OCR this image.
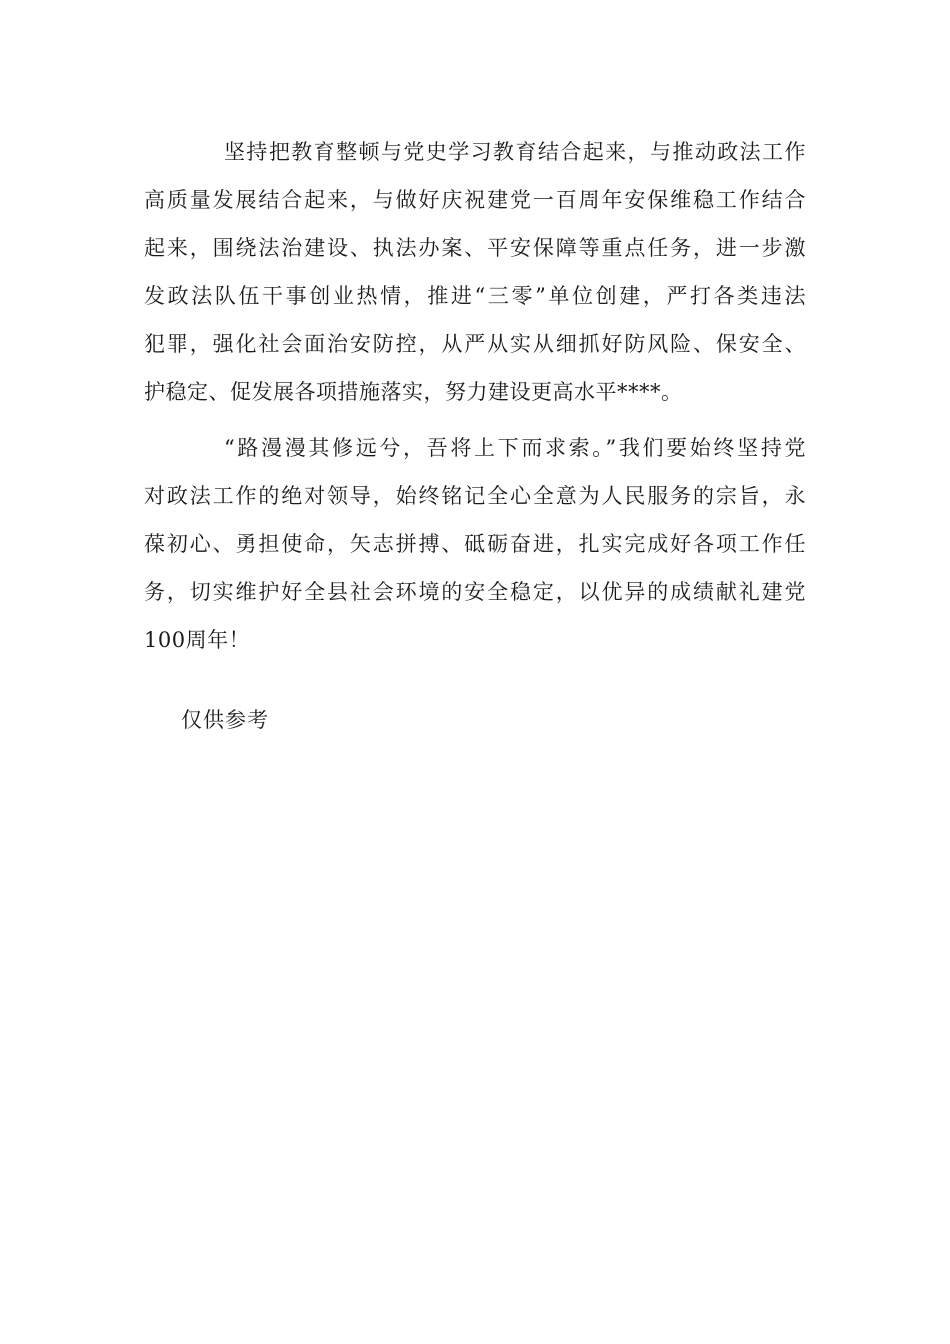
坚持把教育整顿与党史学习教育结合起来，与推动政法工作
高质量发展结合起来，与做好庆祝建党一百周年安保维稳工作结合
起来，围绕法治建设、执法办案、平安保障等重点任务，进一步激
发政法队伍干事创业热情，推进“三零”单位创建，严打各类违法
犯罪，强化社会面治安防控，从严从实从细抓好防风险、保安全、
护稳定、促发展各项措施落实，努力建设更高水平****。
“路漫漫其修远兮，吾将上下而求索。”我们要始终坚持党
对政法工作的绝对领导，始终铭记全心全意为人民服务的宗旨，永
葆初心、勇担使命，矢志拼搏、砥砺奋进，扎实完成好各项工作任
务，切实维护好全县社会环境的安全稳定，以优异的成绩献礼建党
100周年！
仅供参考
